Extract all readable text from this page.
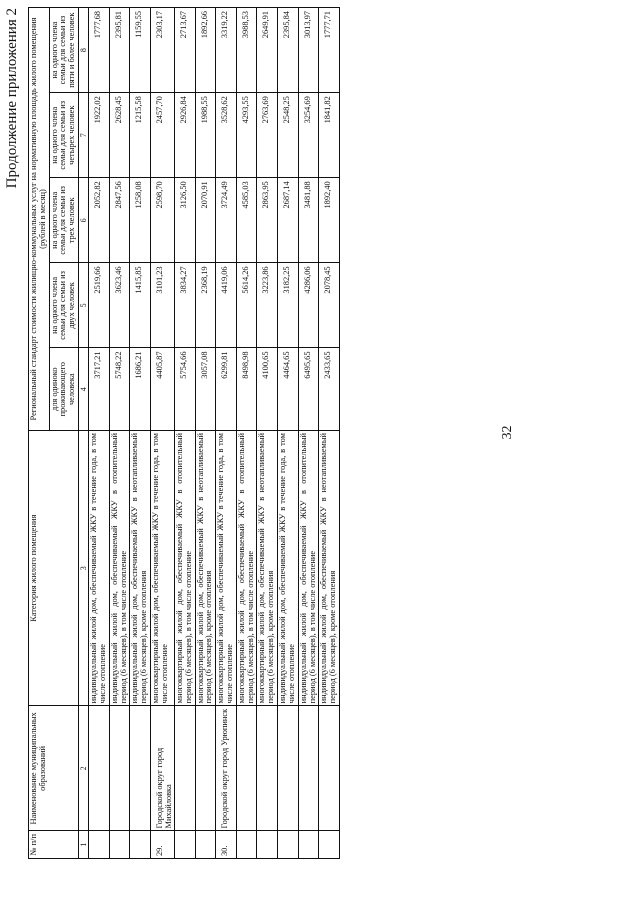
Продолжение приложения 2
№ п/п	Наименование муниципальных образований	Категория жилого помещения	Региональный стандарт стоимости жилищно-коммунальных услуг на нормативную площадь жилого помещения (рублей в месяц)				
			для одиноко проживающего человека	на одного члена семьи для семьи из двух человек	на одного члена семьи для семьи из трех человек	на одного члена семьи для семьи из четырех человек	на одного члена семьи для семьи из пяти и более человек
1	2	3	4	5	6	7	8
		индивидуальный жилой дом, обеспечиваемый ЖКУ в течение года, в том числе отопление	3717,21	2519,66	2052,82	1922,02	1777,68
		индивидуальный жилой дом, обеспечиваемый ЖКУ в отопительный период (6 месяцев), в том числе отопление	5748,22	3623,46	2847,56	2628,45	2395,81
		индивидуальный жилой дом, обеспечиваемый ЖКУ в неотапливаемый период (6 месяцев), кроме отопления	1686,21	1415,85	1258,08	1215,58	1159,55
29.	Городской округ город Михайловка	многоквартирный жилой дом, обеспечиваемый ЖКУ в течение года, в том числе отопление	4405,87	3101,23	2598,70	2457,70	2303,17
		многоквартирный жилой дом, обеспечиваемый ЖКУ в отопительный период (6 месяцев), в том числе отопление	5754,66	3834,27	3126,50	2926,84	2713,67
		многоквартирный жилой дом, обеспечиваемый ЖКУ в неотапливаемый период (6 месяцев), кроме отопления	3057,08	2368,19	2070,91	1988,55	1892,66
30.	Городской округ город Урюпинск	многоквартирный жилой дом, обеспечиваемый ЖКУ в течение года, в том числе отопление	6299,81	4419,06	3724,49	3528,62	3319,22
		многоквартирный жилой дом, обеспечиваемый ЖКУ в отопительный период (6 месяцев), в том числе отопление	8498,98	5614,26	4585,03	4293,55	3988,53
		многоквартирный жилой дом, обеспечиваемый ЖКУ в неотапливаемый период (6 месяцев), кроме отопления	4100,65	3223,86	2863,95	2763,69	2649,91
		индивидуальный жилой дом, обеспечиваемый ЖКУ в течение года, в том числе отопление	4464,65	3182,25	2687,14	2548,25	2395,84
		индивидуальный жилой дом, обеспечиваемый ЖКУ в отопительный период (6 месяцев), в том числе отопление	6495,65	4286,06	3481,88	3254,69	3013,97
		индивидуальный жилой дом, обеспечиваемый ЖКУ в неотапливаемый период (6 месяцев), кроме отопления	2433,65	2078,45	1892,40	1841,82	1777,71
32
